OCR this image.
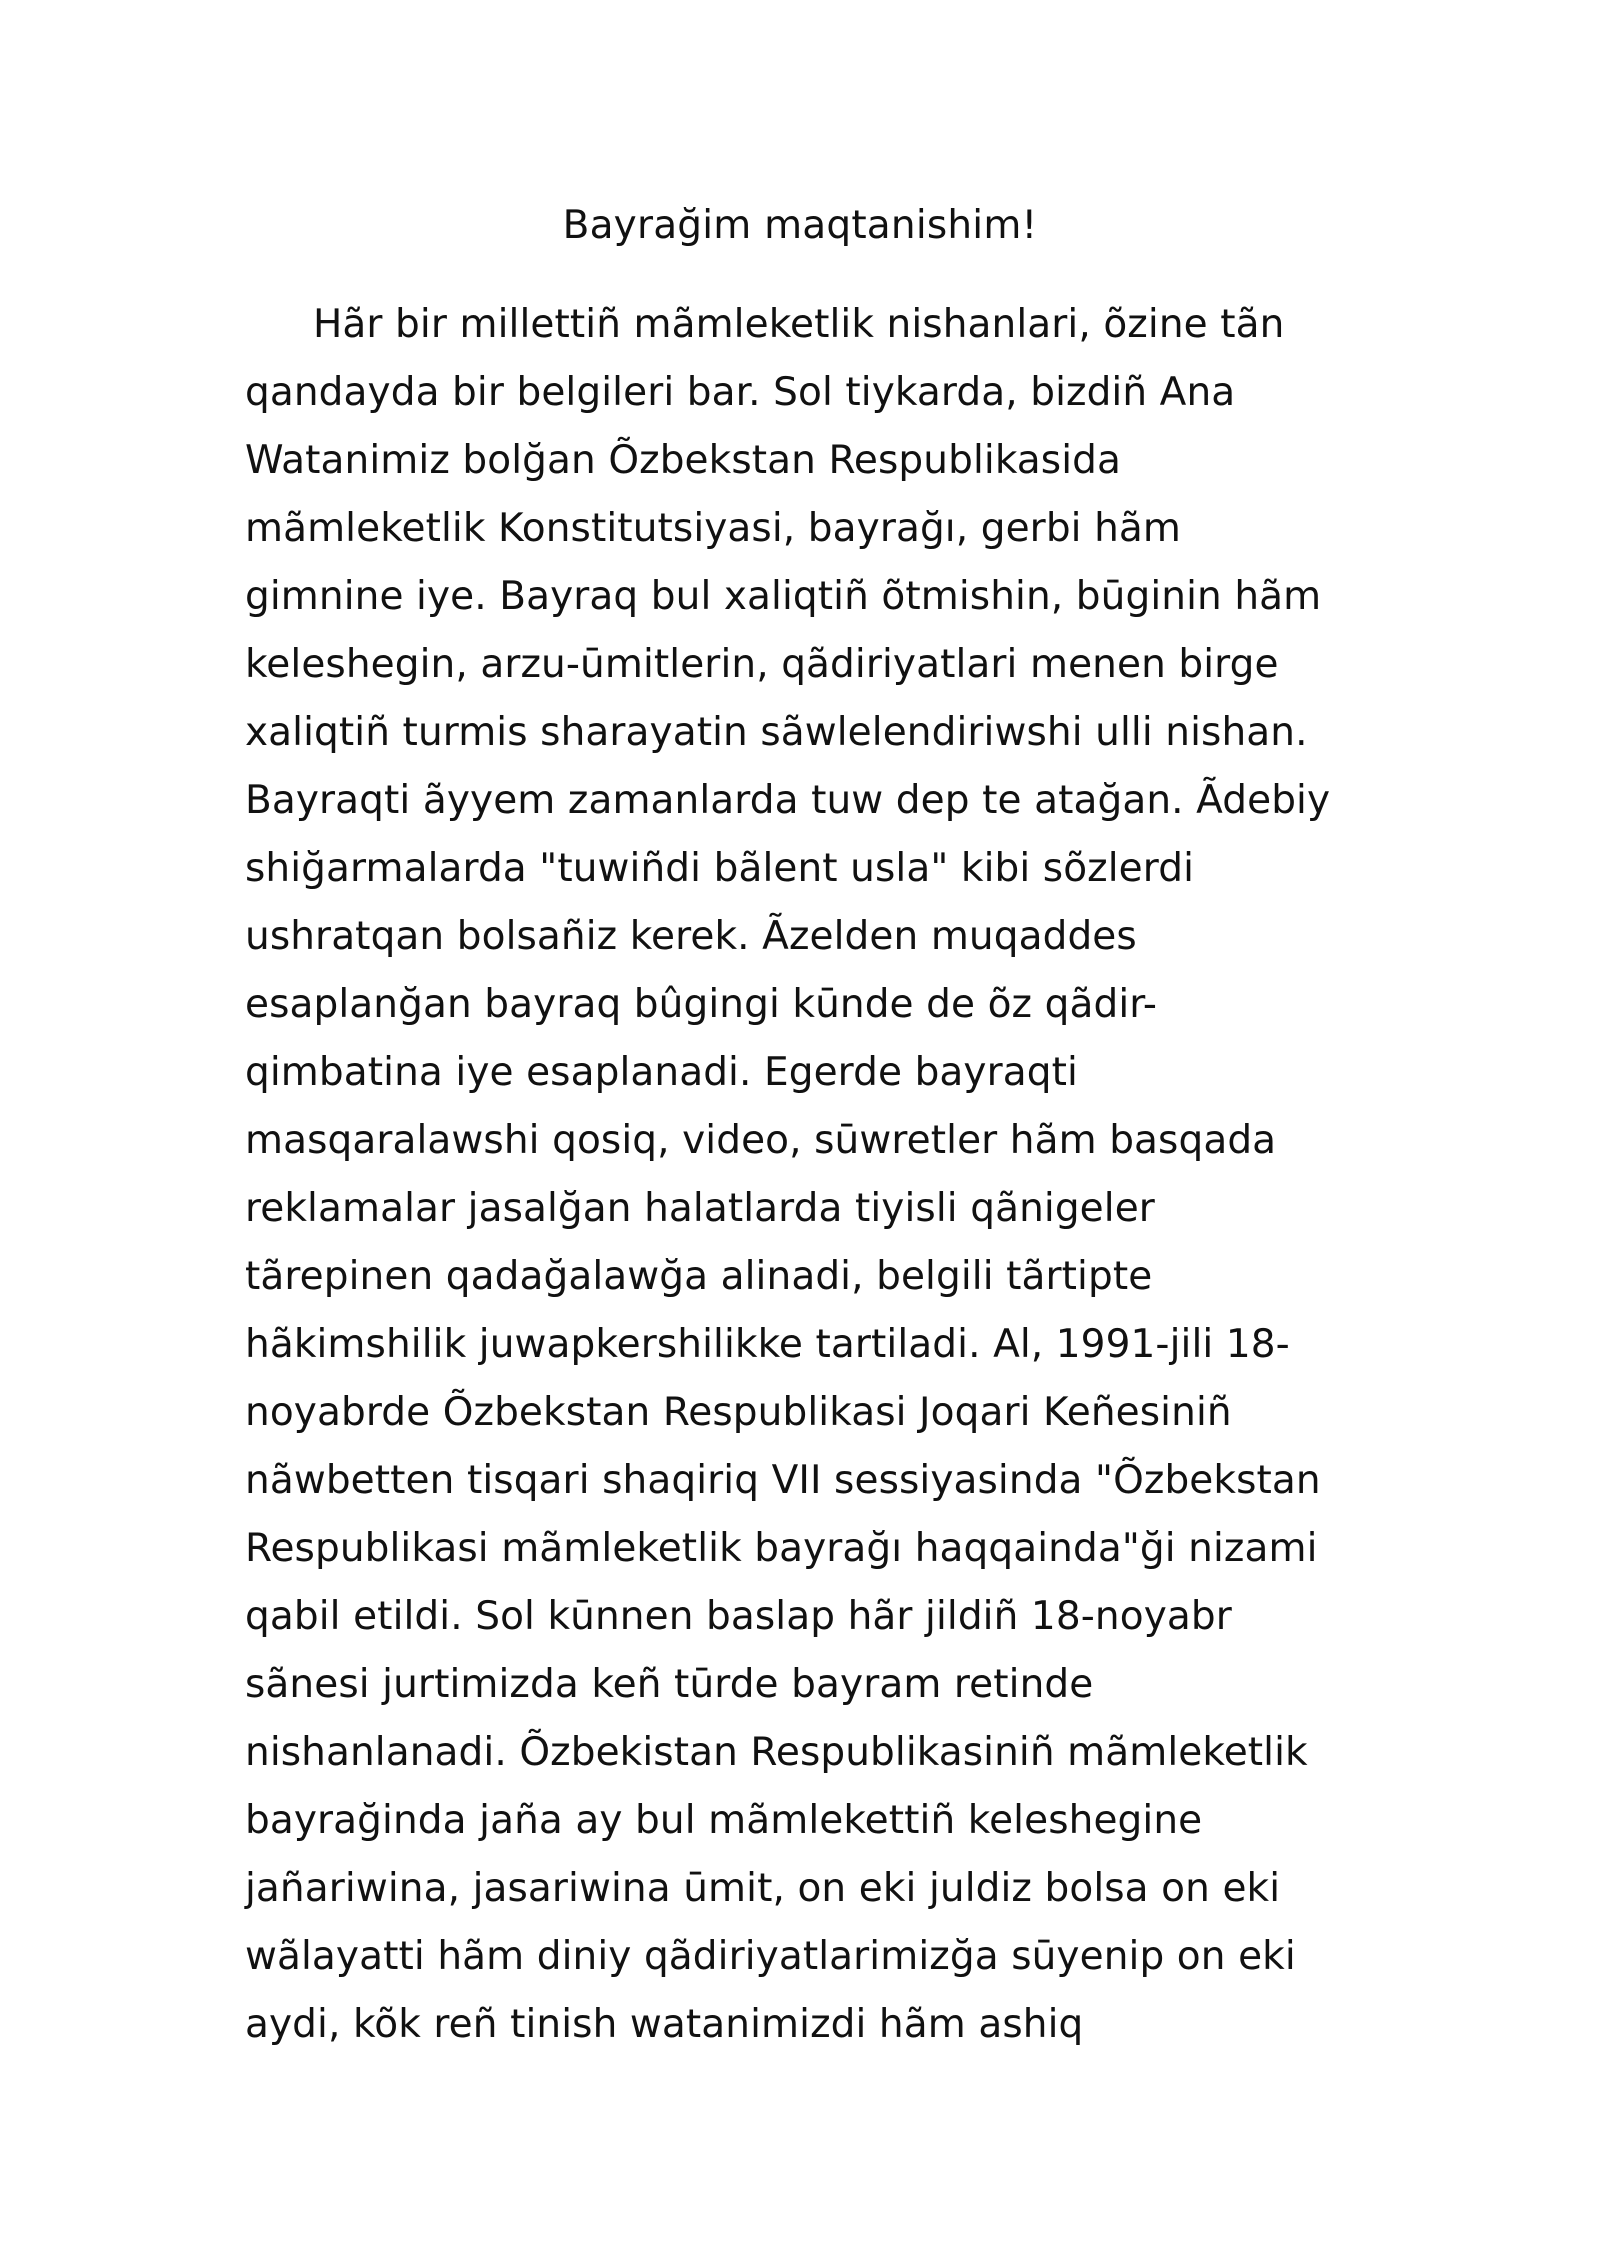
Bayrağim maqtanishim!
Hãr bir millettiñ mãmleketlik nishanlari, õzine tãn
qandayda bir belgileri bar. Sol tiykarda, bizdiñ Ana
Watanimiz bolğan Õzbekstan Respublikasida
mãmleketlik Konstitutsiyasi, bayrağı, gerbi hãm
gimnine iye. Bayraq bul xaliqtiñ õtmishin, būginin hãm
keleshegin, arzu-ūmitlerin, qãdiriyatlari menen birge
xaliqtiñ turmis sharayatin sãwlelendiriwshi ulli nishan.
Bayraqti ãyyem zamanlarda tuw dep te atağan. Ãdebiy
shiğarmalarda "tuwiñdi bãlent usla" kibi sõzlerdi
ushratqan bolsañiz kerek. Ãzelden muqaddes
esaplanğan bayraq bûgingi kūnde de õz qãdir-
qimbatina iye esaplanadi. Egerde bayraqti
masqaralawshi qosiq, video, sūwretler hãm basqada
reklamalar jasalğan halatlarda tiyisli qãnigeler
tãrepinen qadağalawğa alinadi, belgili tãrtipte
hãkimshilik juwapkershilikke tartiladi. Al, 1991-jili 18-
noyabrde Õzbekstan Respublikasi Joqari Keñesiniñ
nãwbetten tisqari shaqiriq VII sessiyasinda "Õzbekstan
Respublikasi mãmleketlik bayrağı haqqainda"ği nizami
qabil etildi. Sol kūnnen baslap hãr jildiñ 18-noyabr
sãnesi jurtimizda keñ tūrde bayram retinde
nishanlanadi. Õzbekistan Respublikasiniñ mãmleketlik
bayrağinda jaña ay bul mãmlekettiñ keleshegine
jañariwina, jasariwina ūmit, on eki juldiz bolsa on eki
wãlayatti hãm diniy qãdiriyatlarimizğa sūyenip on eki
aydi, kõk reñ tinish watanimizdi hãm ashiq
